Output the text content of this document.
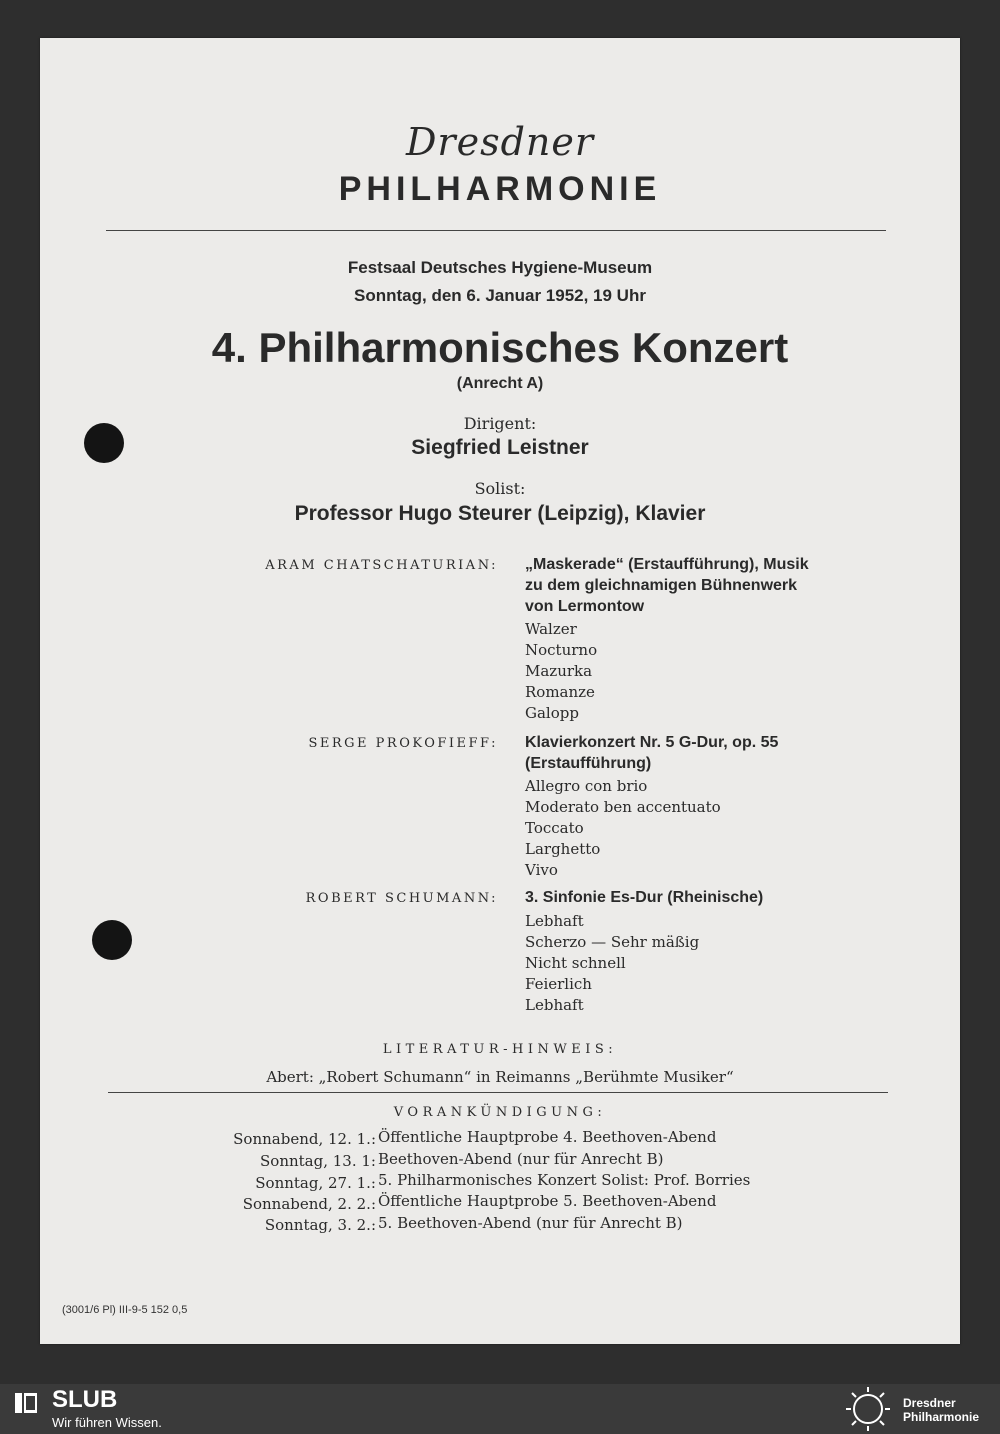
Dresdner
PHILHARMONIE
Festsaal Deutsches Hygiene-Museum
Sonntag, den 6. Januar 1952, 19 Uhr
4. Philharmonisches Konzert
(Anrecht A)
Dirigent:
Siegfried Leistner
Solist:
Professor Hugo Steurer (Leipzig), Klavier
ARAM CHATSCHATURIAN: „Maskerade“ (Erstaufführung), Musik
zu dem gleichnamigen Bühnenwerk
von Lermontow
Walzer
Nocturno
Mazurka
Romanze
Galopp
SERGE PROKOFIEFF: Klavierkonzert Nr. 5 G-Dur, op. 55
(Erstaufführung)
Allegro con brio
Moderato ben accentuato
Toccato
Larghetto
Vivo
ROBERT SCHUMANN: 3. Sinfonie Es-Dur (Rheinische)
Lebhaft
Scherzo — Sehr mäßig
Nicht schnell
Feierlich
Lebhaft
LITERATUR-HINWEIS:
Abert: „Robert Schumann“ in Reimanns „Berühmte Musiker“
VORANKÜNDIGUNG:
Sonnabend, 12. 1.: Öffentliche Hauptprobe 4. Beethoven-Abend
Sonntag, 13. 1: Beethoven-Abend (nur für Anrecht B)
Sonntag, 27. 1.: 5. Philharmonisches Konzert Solist: Prof. Borries
Sonnabend, 2. 2.: Öffentliche Hauptprobe 5. Beethoven-Abend
Sonntag, 3. 2.: 5. Beethoven-Abend (nur für Anrecht B)
(3001/6 Pl) III-9-5 152 0,5
SLUB
Wir führen Wissen.
Dresdner
Philharmonie
